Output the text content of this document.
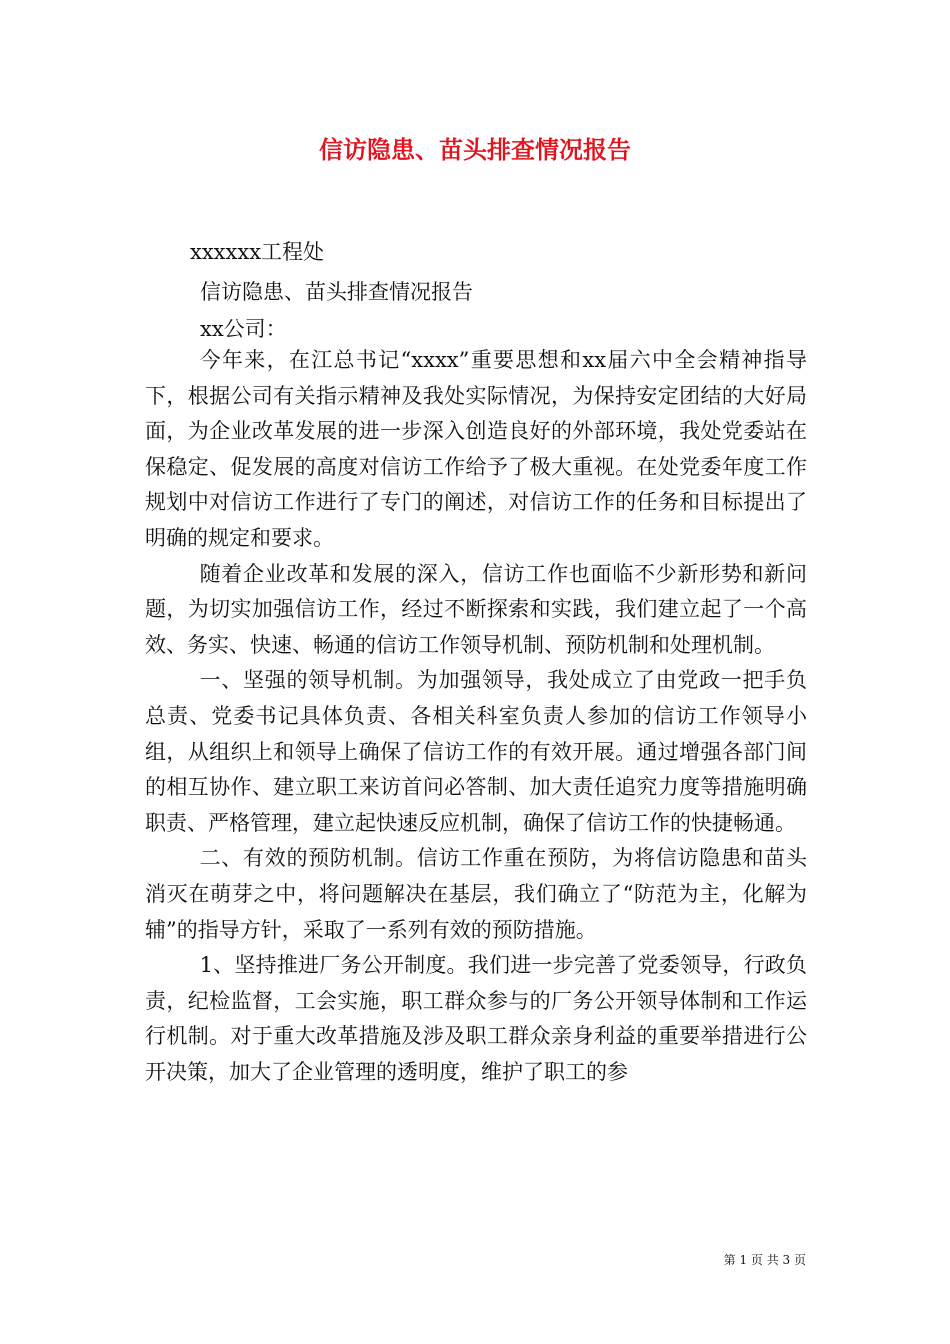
信访隐患、苗头排查情况报告
xxxxxx工程处
信访隐患、苗头排查情况报告
xx公司：

今年来，在江总书记“xxxx”重要思想和xx届六中全会精神指导下，根据公司有关指示精神及我处实际情况，为保持安定团结的大好局面，为企业改革发展的进一步深入创造良好的外部环境，我处党委站在保稳定、促发展的高度对信访工作给予了极大重视。在处党委年度工作规划中对信访工作进行了专门的阐述，对信访工作的任务和目标提出了明确的规定和要求。

随着企业改革和发展的深入，信访工作也面临不少新形势和新问题，为切实加强信访工作，经过不断探索和实践，我们建立起了一个高效、务实、快速、畅通的信访工作领导机制、预防机制和处理机制。

一、坚强的领导机制。为加强领导，我处成立了由党政一把手负总责、党委书记具体负责、各相关科室负责人参加的信访工作领导小组，从组织上和领导上确保了信访工作的有效开展。通过增强各部门间的相互协作、建立职工来访首问必答制、加大责任追究力度等措施明确职责、严格管理，建立起快速反应机制，确保了信访工作的快捷畅通。

二、有效的预防机制。信访工作重在预防，为将信访隐患和苗头消灭在萌芽之中，将问题解决在基层，我们确立了“防范为主，化解为辅”的指导方针，采取了一系列有效的预防措施。

1、坚持推进厂务公开制度。我们进一步完善了党委领导，行政负责，纪检监督，工会实施，职工群众参与的厂务公开领导体制和工作运行机制。对于重大改革措施及涉及职工群众亲身利益的重要举措进行公开决策，加大了企业管理的透明度，维护了职工的参

第 1 页 共 3 页
